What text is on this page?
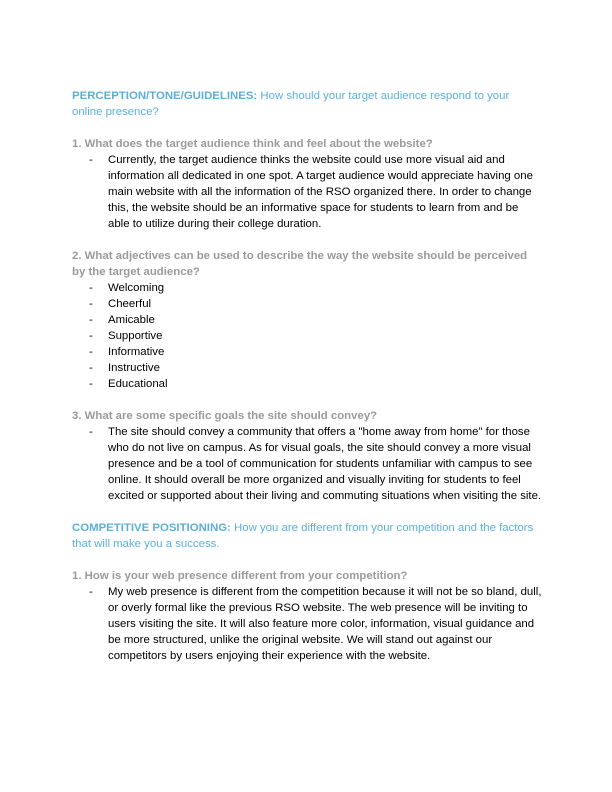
PERCEPTION/TONE/GUIDELINES: How should your target audience respond to your online presence?

1. What does the target audience think and feel about the website?

- Currently, the target audience thinks the website could use more visual aid and information all dedicated in one spot. A target audience would appreciate having one main website with all the information of the RSO organized there. In order to change this, the website should be an informative space for students to learn from and be able to utilize during their college duration.

2. What adjectives can be used to describe the way the website should be perceived by the target audience?

- Welcoming
- Cheerful
- Amicable
- Supportive
- Informative
- Instructive
- Educational

3. What are some specific goals the site should convey?

- The site should convey a community that offers a "home away from home" for those who do not live on campus. As for visual goals, the site should convey a more visual presence and be a tool of communication for students unfamiliar with campus to see online. It should overall be more organized and visually inviting for students to feel excited or supported about their living and commuting situations when visiting the site.

COMPETITIVE POSITIONING: How you are different from your competition and the factors that will make you a success.

1. How is your web presence different from your competition?

- My web presence is different from the competition because it will not be so bland, dull, or overly formal like the previous RSO website. The web presence will be inviting to users visiting the site. It will also feature more color, information, visual guidance and be more structured, unlike the original website. We will stand out against our competitors by users enjoying their experience with the website.
